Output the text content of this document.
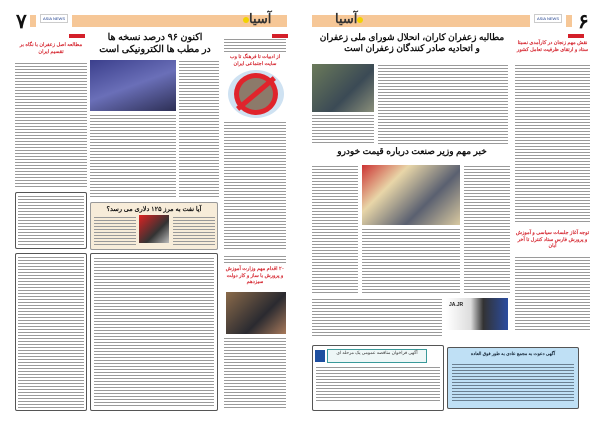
آسیا	ASIA NEWS ۶
مطالبه زعفران کاران، انحلال شورای ملی زعفران
و اتحادیه صادر کنندگان زعفران است
نقش مهم زنجان در کارآمدی نسبتا ستاد و ارتقای ظرفیت تعامل کشور
خبر مهم وزیر صنعت درباره قیمت خودرو
توجه آغاز جلسات سیاسی و آموزش و پرورش فارس ستاد کنترل تا آخر آبان
JA.JR
آگهی فراخوان مناقصه عمومی یک مرحله ای	آگهی دعوت به مجمع عادی به طور فوق العاده
۷	ASIA NEWS	آسیا
اکنون ۹۶ درصد نسخه ها
در مطب ها الکترونیکی است
مطالعه اصل زعفران با نگاه بر تقسیم ایران
از ادبیات تا فرهنگ تا وب سایت اجتماعی ایران
آیا نفت به مرز ۱۲۵ دلاری می رسد؟
۲۰ اقدام مهم وزارت آموزش و پرورش با ساز و کار دولت سیزدهم
